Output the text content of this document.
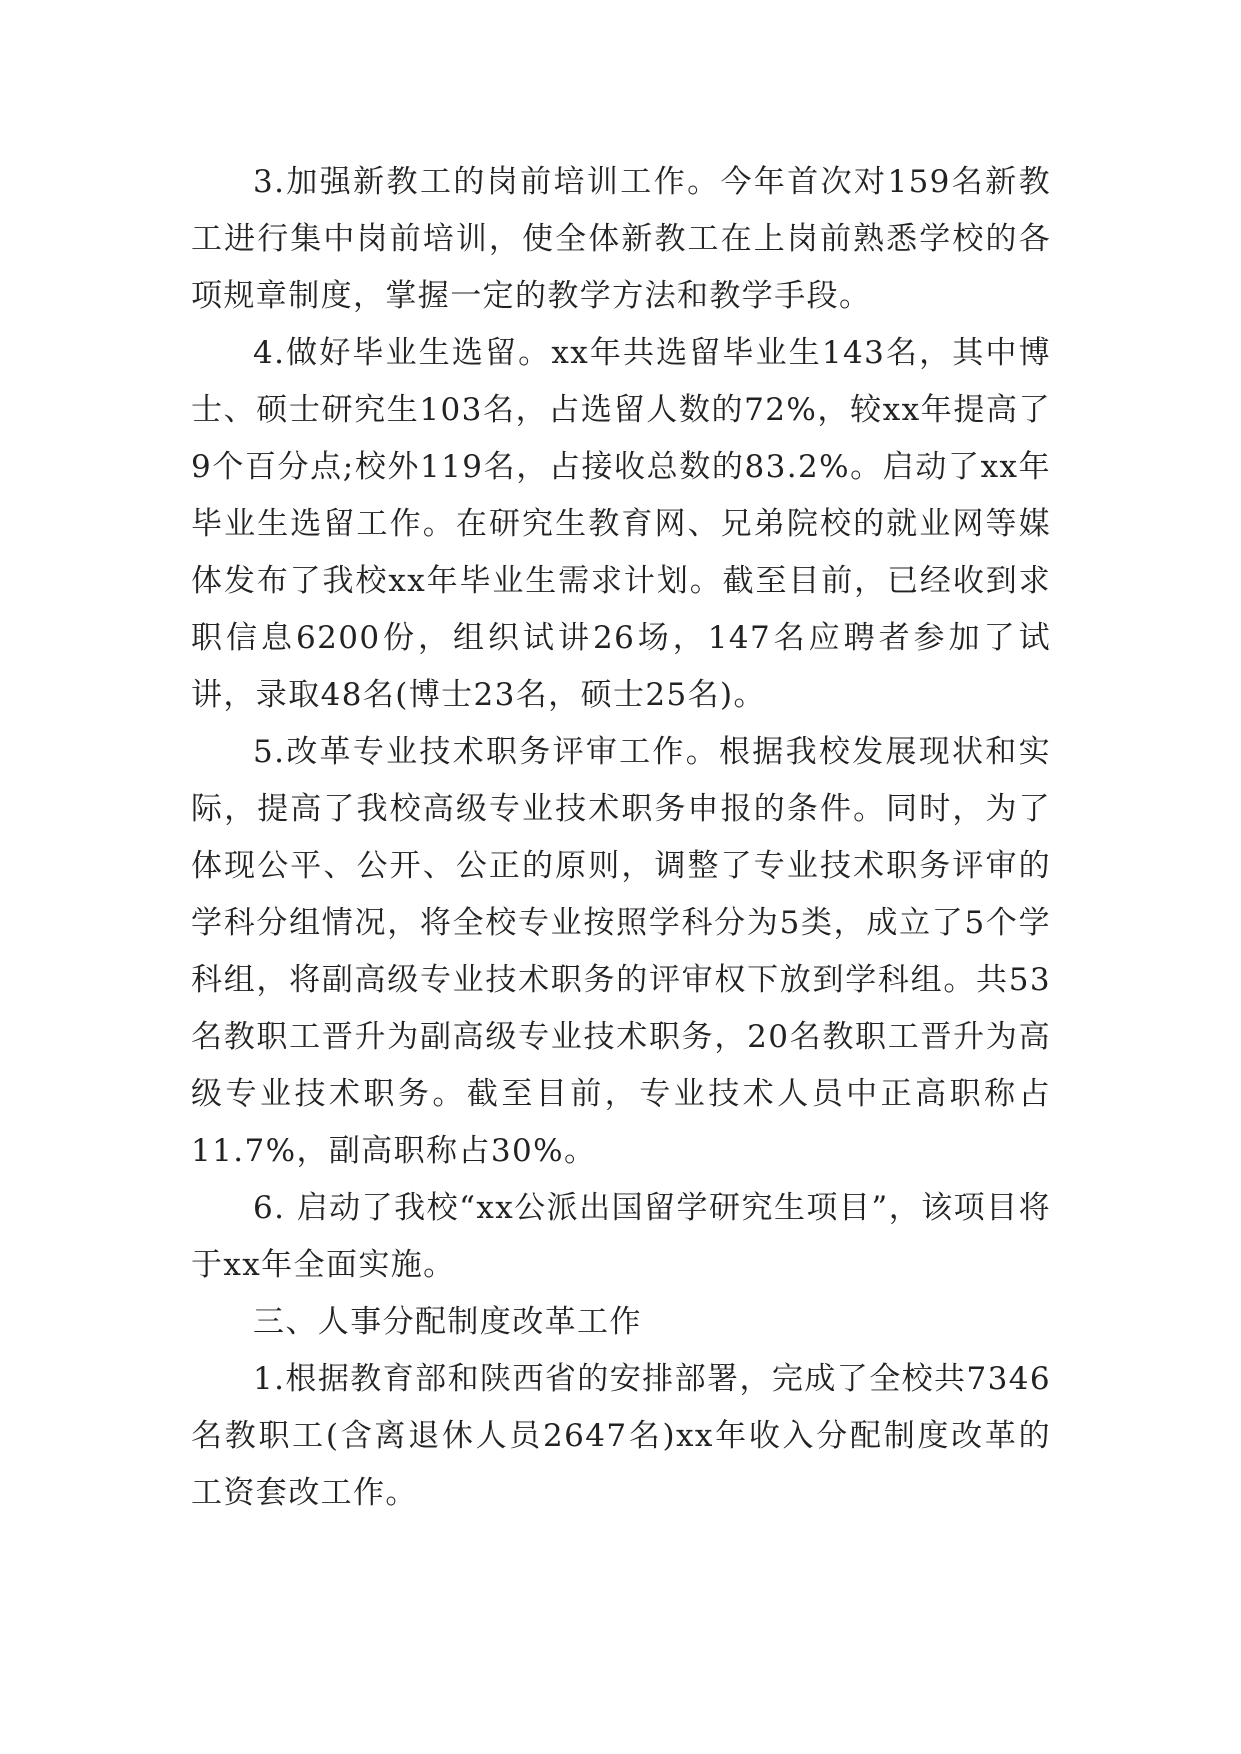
3.加强新教工的岗前培训工作。今年首次对159名新教工进行集中岗前培训，使全体新教工在上岗前熟悉学校的各项规章制度，掌握一定的教学方法和教学手段。

4.做好毕业生选留。xx年共选留毕业生143名，其中博士、硕士研究生103名，占选留人数的72%，较xx年提高了9个百分点;校外119名，占接收总数的83.2%。启动了xx年毕业生选留工作。在研究生教育网、兄弟院校的就业网等媒体发布了我校xx年毕业生需求计划。截至目前，已经收到求职信息6200份，组织试讲26场，147名应聘者参加了试讲，录取48名(博士23名，硕士25名)。

5.改革专业技术职务评审工作。根据我校发展现状和实际，提高了我校高级专业技术职务申报的条件。同时，为了体现公平、公开、公正的原则，调整了专业技术职务评审的学科分组情况，将全校专业按照学科分为5类，成立了5个学科组，将副高级专业技术职务的评审权下放到学科组。共53名教职工晋升为副高级专业技术职务，20名教职工晋升为高级专业技术职务。截至目前，专业技术人员中正高职称占11.7%，副高职称占30%。

6. 启动了我校“xx公派出国留学研究生项目”，该项目将于xx年全面实施。

三、人事分配制度改革工作

1.根据教育部和陕西省的安排部署，完成了全校共7346名教职工(含离退休人员2647名)xx年收入分配制度改革的工资套改工作。
